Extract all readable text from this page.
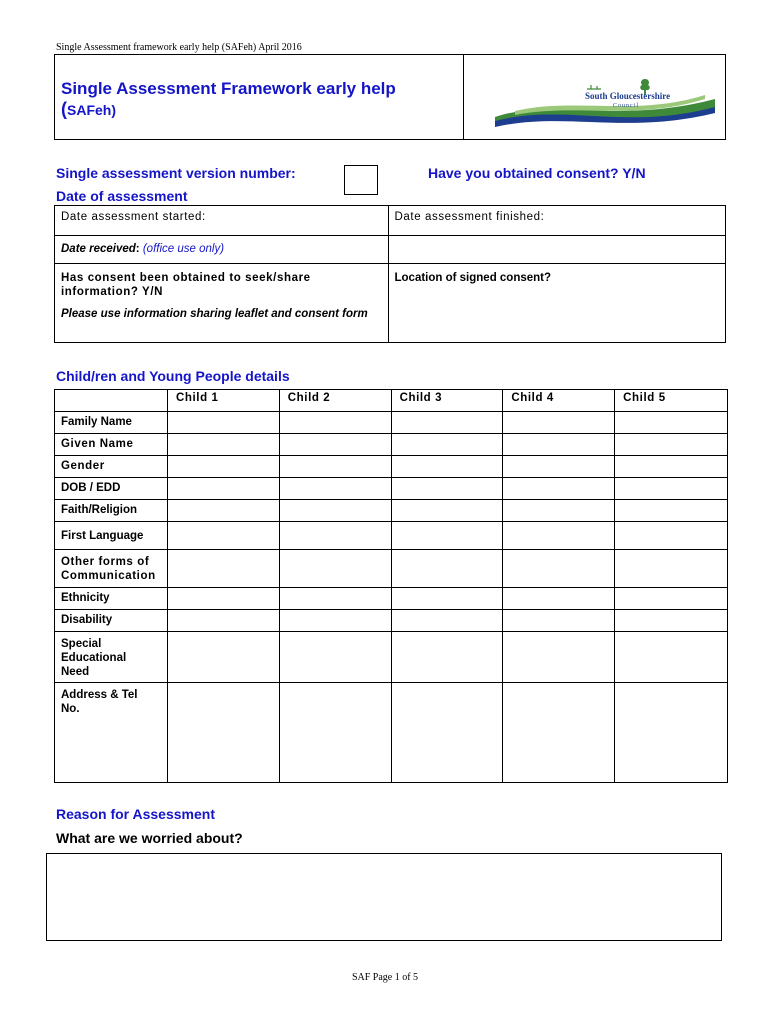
Single Assessment framework early help (SAFeh) April 2016
Single Assessment Framework early help
(SAFeh)
South Gloucestershire
Council
Single assessment version number:	Have you obtained consent? Y/N
Date of assessment
Date assessment started:	Date assessment finished:

Date received: (office use only)	

Has consent been obtained to seek/share information? Y/N
Please use information sharing leaflet and consent form	Location of signed consent?
Child/ren and Young People details
	Child 1	Child 2	Child 3	Child 4	Child 5

Family Name					

Given Name					

Gender					

DOB / EDD					

Faith/Religion					

First Language					

Other forms of Communication					

Ethnicity					

Disability					

Special Educational Need					

Address & Tel No.					

Reason for Assessment
What are we worried about?
SAF Page 1 of 5
